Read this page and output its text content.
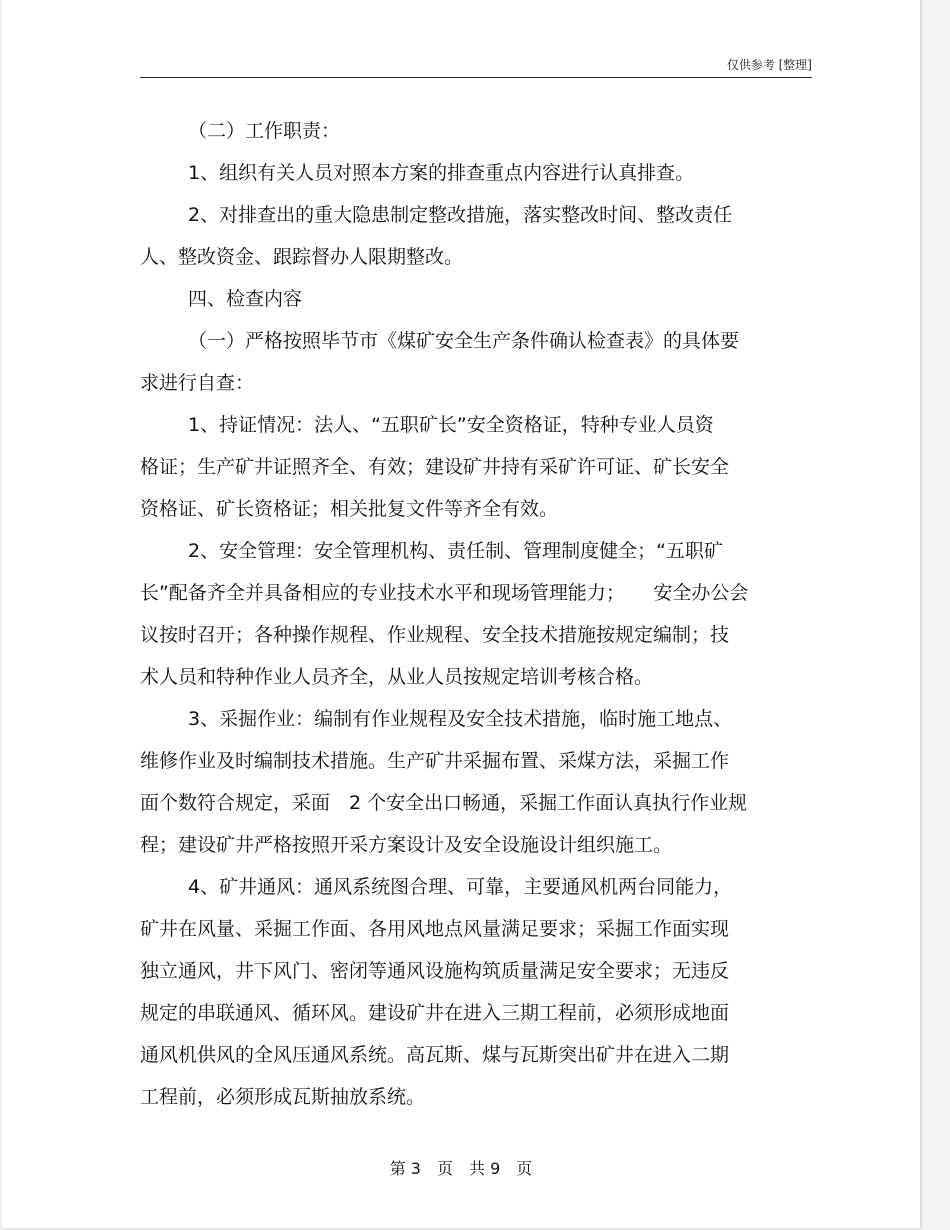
仅供参考 [整理]
（二）工作职责：
1、组织有关人员对照本方案的排查重点内容进行认真排查。
2、对排查出的重大隐患制定整改措施，落实整改时间、整改责任
人、整改资金、跟踪督办人限期整改。
四、检查内容
（一）严格按照毕节市《煤矿安全生产条件确认检查表》的具体要
求进行自查：
1、持证情况：法人、“五职矿长”安全资格证，特种专业人员资
格证；生产矿井证照齐全、有效；建设矿井持有采矿许可证、矿长安全
资格证、矿长资格证；相关批复文件等齐全有效。
2、安全管理：安全管理机构、责任制、管理制度健全；“五职矿
长”配备齐全并具备相应的专业技术水平和现场管理能力；　　安全办公会
议按时召开；各种操作规程、作业规程、安全技术措施按规定编制；技
术人员和特种作业人员齐全，从业人员按规定培训考核合格。
3、采掘作业：编制有作业规程及安全技术措施，临时施工地点、
维修作业及时编制技术措施。生产矿井采掘布置、采煤方法，采掘工作
面个数符合规定，采面　2 个安全出口畅通，采掘工作面认真执行作业规
程；建设矿井严格按照开采方案设计及安全设施设计组织施工。
4、矿井通风：通风系统图合理、可靠，主要通风机两台同能力，
矿井在风量、采掘工作面、各用风地点风量满足要求；采掘工作面实现
独立通风，井下风门、密闭等通风设施构筑质量满足安全要求；无违反
规定的串联通风、循环风。建设矿井在进入三期工程前，必须形成地面
通风机供风的全风压通风系统。高瓦斯、煤与瓦斯突出矿井在进入二期
工程前，必须形成瓦斯抽放系统。
第 3　页　共 9　页
